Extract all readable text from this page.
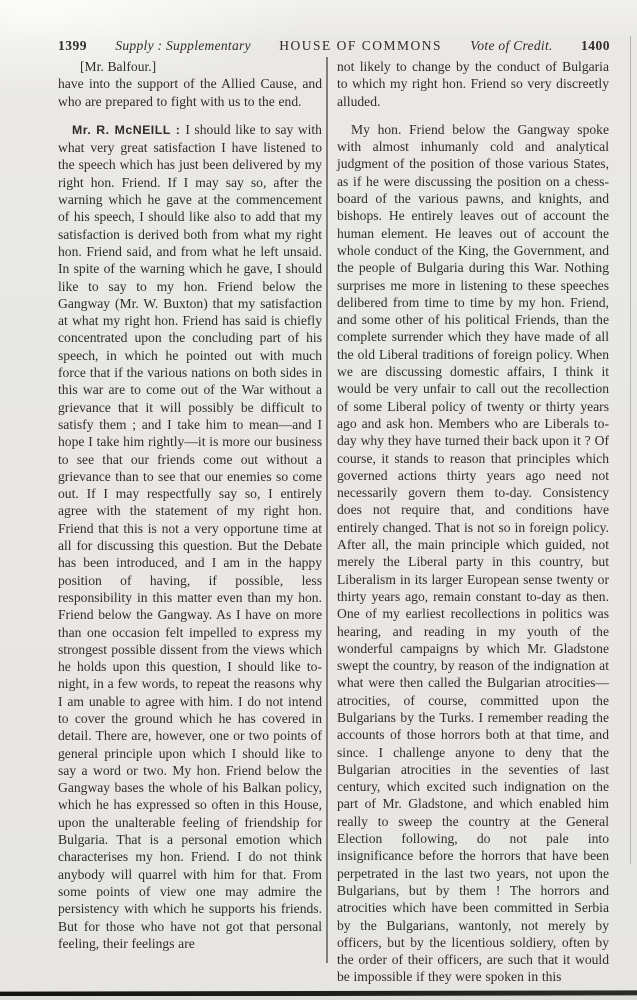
1399 Supply : Supplementary HOUSE OF COMMONS Vote of Credit. 1400

[Mr. Balfour.]

have into the support of the Allied Cause, and who are prepared to fight with us to the end.

Mr. R. McNEILL : I should like to say with what very great satisfaction I have listened to the speech which has just been delivered by my right hon. Friend. If I may say so, after the warning which he gave at the commencement of his speech, I should like also to add that my satisfaction is derived both from what my right hon. Friend said, and from what he left unsaid. In spite of the warning which he gave, I should like to say to my hon. Friend below the Gangway (Mr. W. Buxton) that my satisfaction at what my right hon. Friend has said is chiefly concentrated upon the concluding part of his speech, in which he pointed out with much force that if the various nations on both sides in this war are to come out of the War without a grievance that it will possibly be difficult to satisfy them ; and I take him to mean—and I hope I take him rightly—it is more our business to see that our friends come out without a grievance than to see that our enemies so come out. If I may respectfully say so, I entirely agree with the statement of my right hon. Friend that this is not a very opportune time at all for discussing this question. But the Debate has been introduced, and I am in the happy position of having, if possible, less responsibility in this matter even than my hon. Friend below the Gangway. As I have on more than one occasion felt impelled to express my strongest possible dissent from the views which he holds upon this question, I should like to-night, in a few words, to repeat the reasons why I am unable to agree with him. I do not intend to cover the ground which he has covered in detail. There are, however, one or two points of general principle upon which I should like to say a word or two. My hon. Friend below the Gangway bases the whole of his Balkan policy, which he has expressed so often in this House, upon the unalterable feeling of friendship for Bulgaria. That is a personal emotion which characterises my hon. Friend. I do not think anybody will quarrel with him for that. From some points of view one may admire the persistency with which he supports his friends. But for those who have not got that personal feeling, their feelings are

not likely to change by the conduct of Bulgaria to which my right hon. Friend so very discreetly alluded.

My hon. Friend below the Gangway spoke with almost inhumanly cold and analytical judgment of the position of those various States, as if he were discussing the position on a chess-board of the various pawns, and knights, and bishops. He entirely leaves out of account the human element. He leaves out of account the whole conduct of the King, the Government, and the people of Bulgaria during this War. Nothing surprises me more in listening to these speeches delibered from time to time by my hon. Friend, and some other of his political Friends, than the complete surrender which they have made of all the old Liberal traditions of foreign policy. When we are discussing domestic affairs, I think it would be very unfair to call out the recollection of some Liberal policy of twenty or thirty years ago and ask hon. Members who are Liberals to-day why they have turned their back upon it ? Of course, it stands to reason that principles which governed actions thirty years ago need not necessarily govern them to-day. Consistency does not require that, and conditions have entirely changed. That is not so in foreign policy. After all, the main principle which guided, not merely the Liberal party in this country, but Liberalism in its larger European sense twenty or thirty years ago, remain constant to-day as then. One of my earliest recollections in politics was hearing, and reading in my youth of the wonderful campaigns by which Mr. Gladstone swept the country, by reason of the indignation at what were then called the Bulgarian atrocities—atrocities, of course, committed upon the Bulgarians by the Turks. I remember reading the accounts of those horrors both at that time, and since. I challenge anyone to deny that the Bulgarian atrocities in the seventies of last century, which excited such indignation on the part of Mr. Gladstone, and which enabled him really to sweep the country at the General Election following, do not pale into insignificance before the horrors that have been perpetrated in the last two years, not upon the Bulgarians, but by them ! The horrors and atrocities which have been committed in Serbia by the Bulgarians, wantonly, not merely by officers, but by the licentious soldiery, often by the order of their officers, are such that it would be impossible if they were spoken in this
